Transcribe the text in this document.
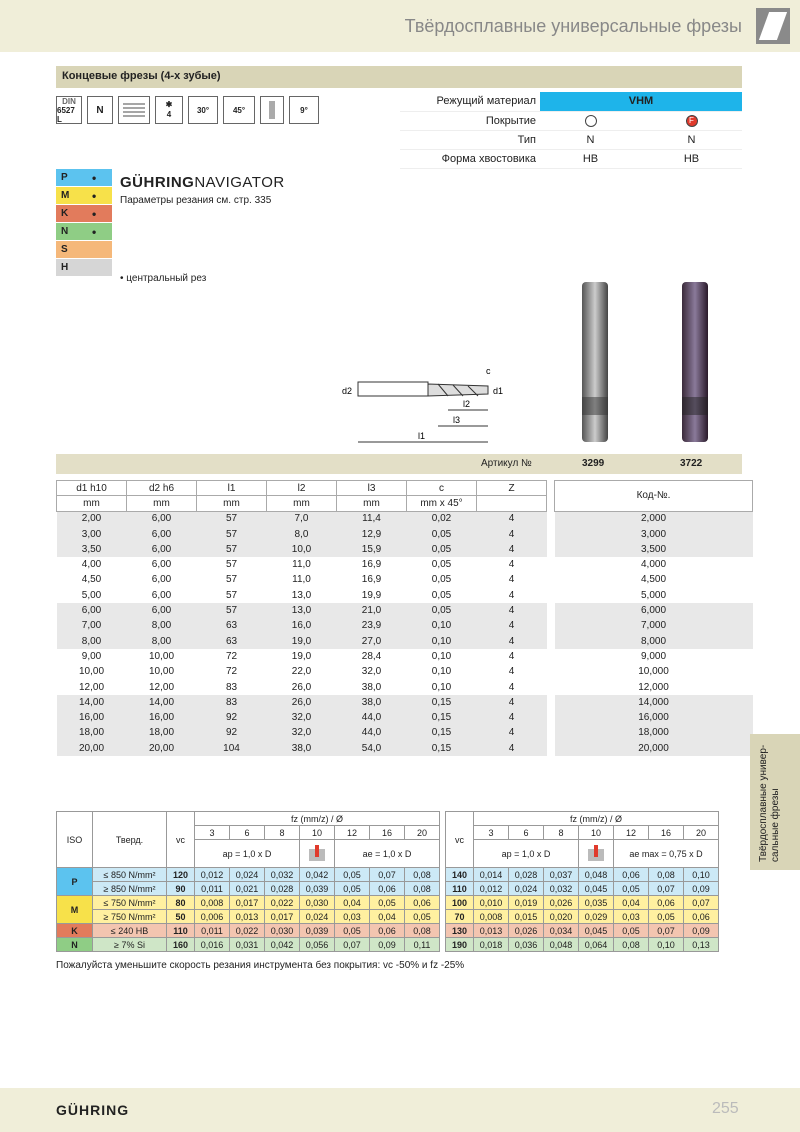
Твёрдосплавные универсальные фрезы
Концевые фрезы (4-х зубые)
DIN
6527 L
N	✱
4	30°	45°	9°
Режущий материал	VHM	
Покрытие		F
Тип	N	N
Форма хвостовика	HB	HB
P •
M •
K •
N •
S
H
GÜHRINGNAVIGATOR
Параметры резания см. стр. 335
• центральный рез
d2	d1
c
l1
l3
l2
Артикул №	3299	3722
d1 h10	d2 h6	l1	l2	l3	c	Z		Код-№.
mm	mm	mm	mm	mm	mm x 45°			
2,00	6,00	57	7,0	11,4	0,02	4		2,000
3,00	6,00	57	8,0	12,9	0,05	4		3,000
3,50	6,00	57	10,0	15,9	0,05	4		3,500
4,00	6,00	57	11,0	16,9	0,05	4		4,000
4,50	6,00	57	11,0	16,9	0,05	4		4,500
5,00	6,00	57	13,0	19,9	0,05	4		5,000
6,00	6,00	57	13,0	21,0	0,05	4		6,000
7,00	8,00	63	16,0	23,9	0,10	4		7,000
8,00	8,00	63	19,0	27,0	0,10	4		8,000
9,00	10,00	72	19,0	28,4	0,10	4		9,000
10,00	10,00	72	22,0	32,0	0,10	4		10,000
12,00	12,00	83	26,0	38,0	0,10	4		12,000
14,00	14,00	83	26,0	38,0	0,15	4		14,000
16,00	16,00	92	32,0	44,0	0,15	4		16,000
18,00	18,00	92	32,0	44,0	0,15	4		18,000
20,00	20,00	104	38,0	54,0	0,15	4		20,000
ISO	Тверд.	vc	fz (mm/z) / Ø								vc	fz (mm/z) / Ø						
			3	6	8	10	12	16	20			3	6	8	10	12	16	20
			ap = 1,0 x D				ae = 1,0 x D					ap = 1,0 x D				ae max = 0,75 x D		
P	≤ 850 N/mm²	120	0,012	0,024	0,032	0,042	0,05	0,07	0,08		140	0,014	0,028	0,037	0,048	0,06	0,08	0,10
	≥ 850 N/mm²	90	0,011	0,021	0,028	0,039	0,05	0,06	0,08		110	0,012	0,024	0,032	0,045	0,05	0,07	0,09
M	≤ 750 N/mm²	80	0,008	0,017	0,022	0,030	0,04	0,05	0,06		100	0,010	0,019	0,026	0,035	0,04	0,06	0,07
	≥ 750 N/mm²	50	0,006	0,013	0,017	0,024	0,03	0,04	0,05		70	0,008	0,015	0,020	0,029	0,03	0,05	0,06
K	≤ 240 HB	110	0,011	0,022	0,030	0,039	0,05	0,06	0,08		130	0,013	0,026	0,034	0,045	0,05	0,07	0,09
N	≥ 7% Si	160	0,016	0,031	0,042	0,056	0,07	0,09	0,11		190	0,018	0,036	0,048	0,064	0,08	0,10	0,13
Пожалуйста уменьшите скорость резания инструмента без покрытия: vc -50% и fz -25%
Твёрдосплавные универ-сальные фрезы
GÜHRING	255
